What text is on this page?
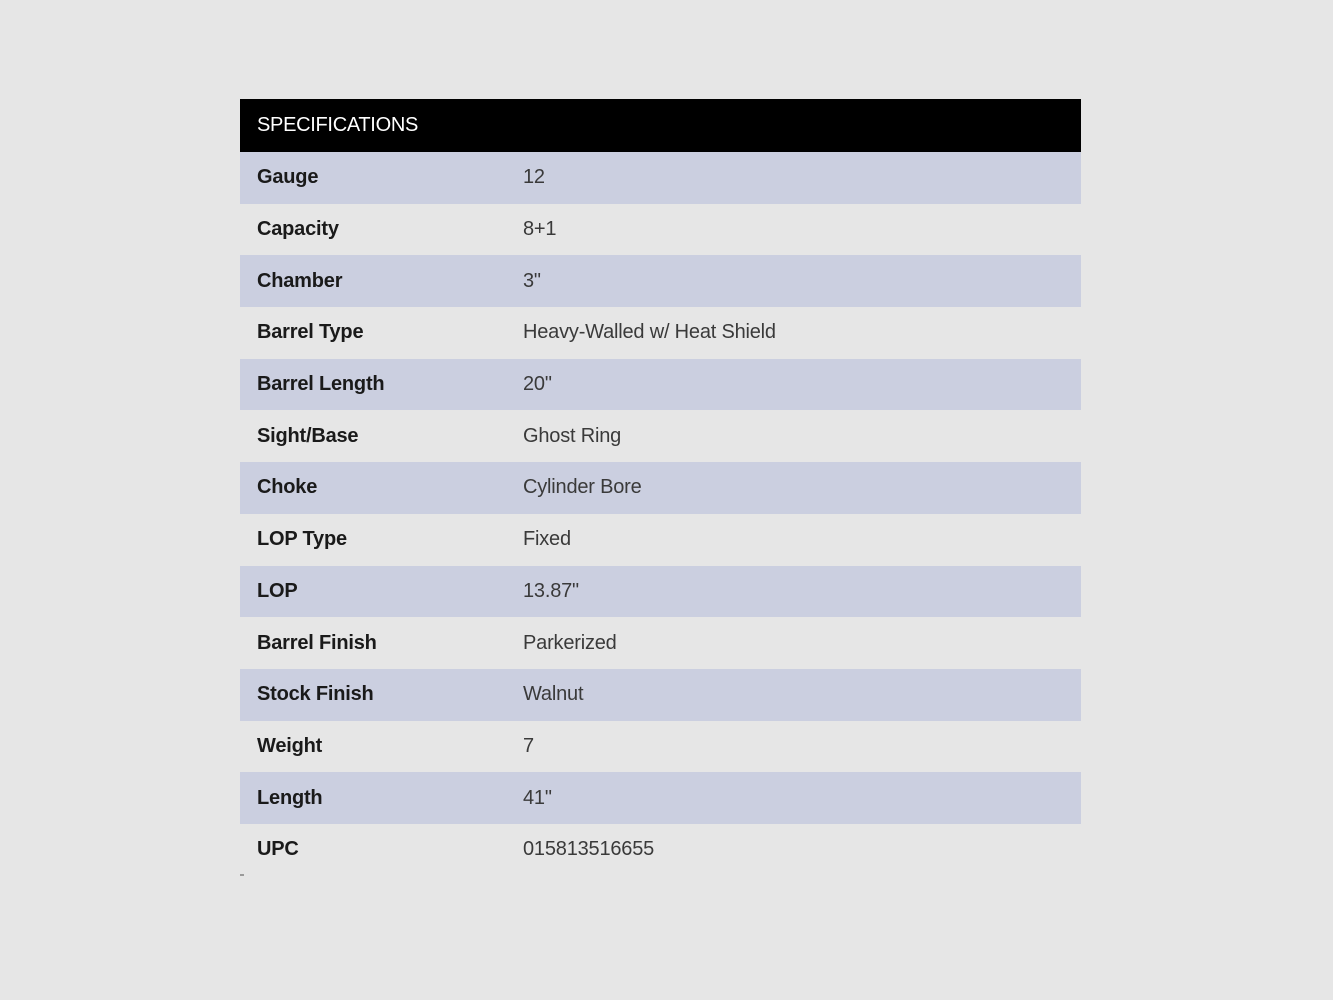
SPECIFICATIONS
Gauge	12
Capacity	8+1
Chamber	3"
Barrel Type	Heavy-Walled w/ Heat Shield
Barrel Length	20"
Sight/Base	Ghost Ring
Choke	Cylinder Bore
LOP Type	Fixed
LOP	13.87"
Barrel Finish	Parkerized
Stock Finish	Walnut
Weight	7
Length	41"
UPC	015813516655
